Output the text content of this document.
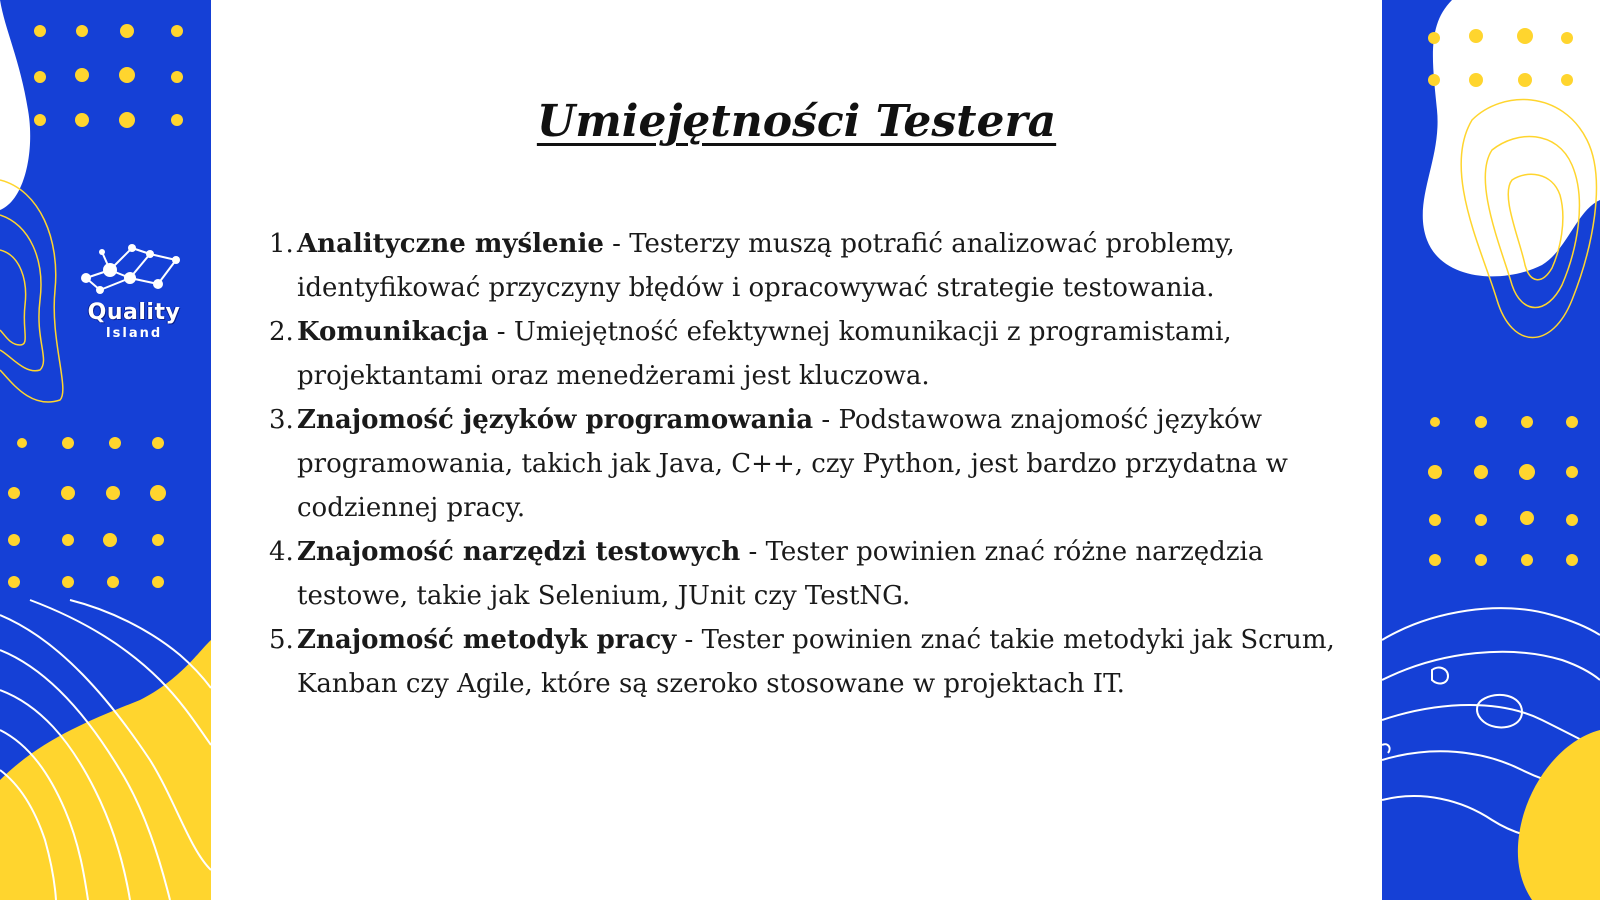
Quality
Island
Umiejętności Testera
1. Analityczne myślenie - Testerzy muszą potrafić analizować problemy, identyfikować przyczyny błędów i opracowywać strategie testowania.
2. Komunikacja - Umiejętność efektywnej komunikacji z programistami, projektantami oraz menedżerami jest kluczowa.
3. Znajomość języków programowania - Podstawowa znajomość języków programowania, takich jak Java, C++, czy Python, jest bardzo przydatna w codziennej pracy.
4. Znajomość narzędzi testowych - Tester powinien znać różne narzędzia testowe, takie jak Selenium, JUnit czy TestNG.
5. Znajomość metodyk pracy - Tester powinien znać takie metodyki jak Scrum, Kanban czy Agile, które są szeroko stosowane w projektach IT.
